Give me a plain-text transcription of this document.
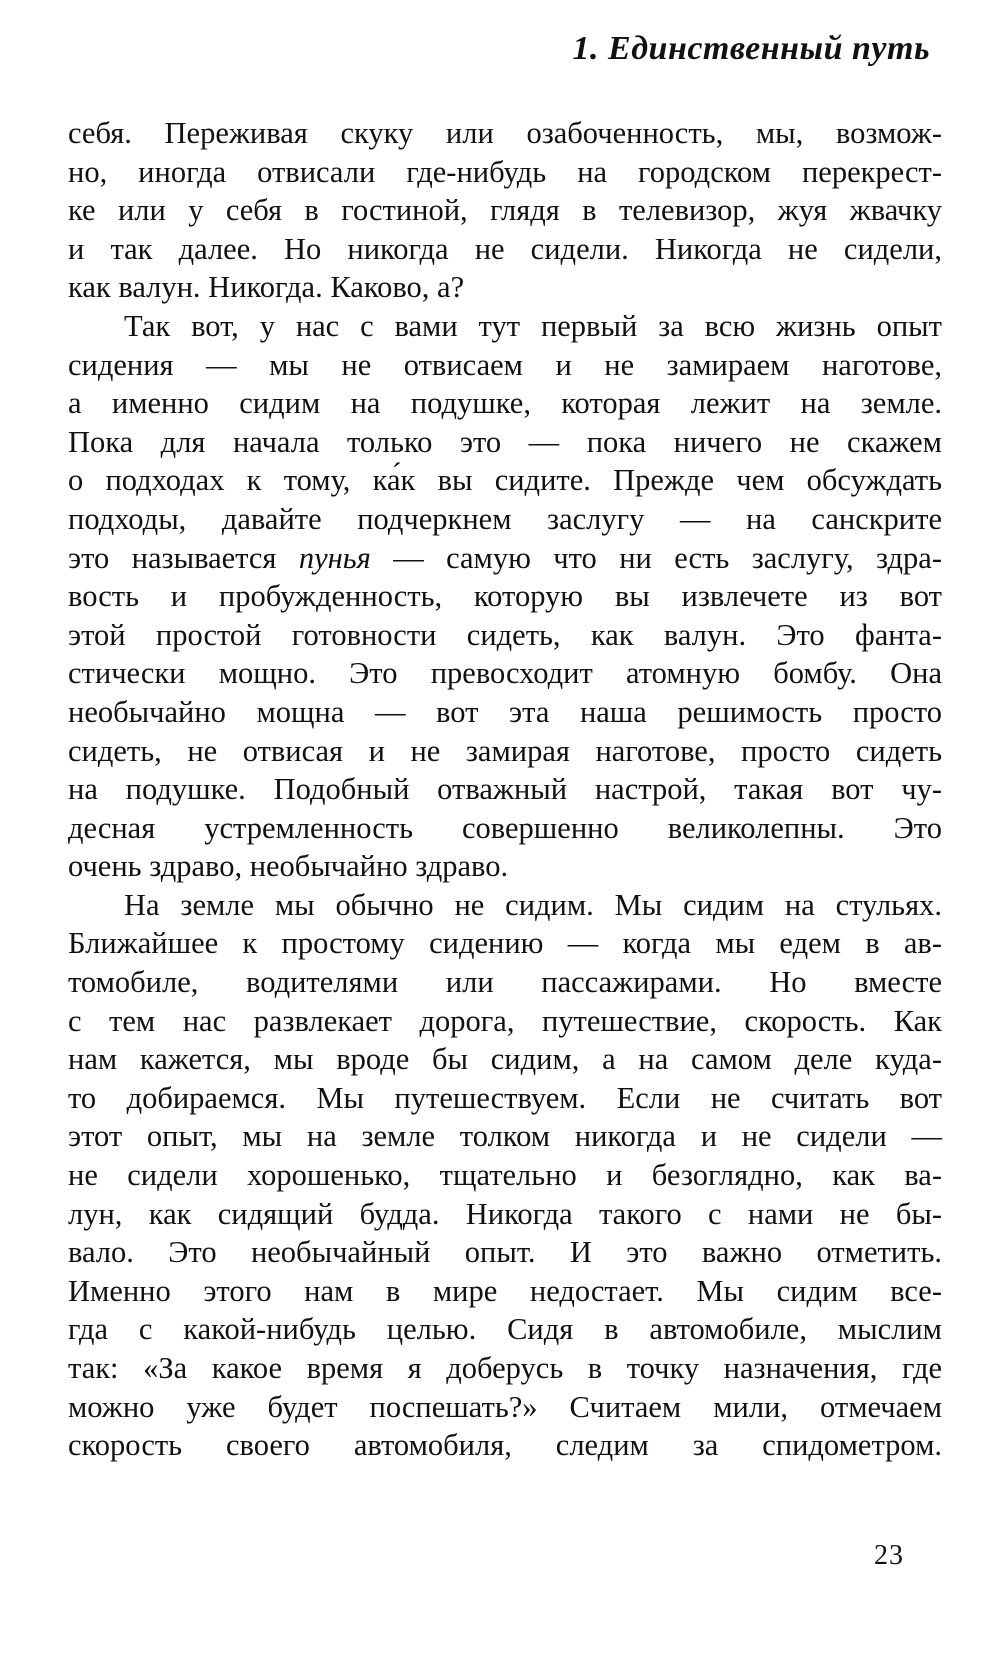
1. Единственный путь
себя. Переживая скуку или озабоченность, мы, возмож-
но, иногда отвисали где-нибудь на городском перекрест-
ке или у себя в гостиной, глядя в телевизор, жуя жвачку
и так далее. Но никогда не сидели. Никогда не сидели,
как валун. Никогда. Каково, а?
Так вот, у нас с вами тут первый за всю жизнь опыт
сидения — мы не отвисаем и не замираем наготове,
а именно сидим на подушке, которая лежит на земле.
Пока для начала только это — пока ничего не скажем
о подходах к тому, ка́к вы сидите. Прежде чем обсуждать
подходы, давайте подчеркнем заслугу — на санскрите
это называется пунья — самую что ни есть заслугу, здра-
вость и пробужденность, которую вы извлечете из вот
этой простой готовности сидеть, как валун. Это фанта-
стически мощно. Это превосходит атомную бомбу. Она
необычайно мощна — вот эта наша решимость просто
сидеть, не отвисая и не замирая наготове, просто сидеть
на подушке. Подобный отважный настрой, такая вот чу-
десная устремленность совершенно великолепны. Это
очень здраво, необычайно здраво.
На земле мы обычно не сидим. Мы сидим на стульях.
Ближайшее к простому сидению — когда мы едем в ав-
томобиле, водителями или пассажирами. Но вместе
с тем нас развлекает дорога, путешествие, скорость. Как
нам кажется, мы вроде бы сидим, а на самом деле куда-
то добираемся. Мы путешествуем. Если не считать вот
этот опыт, мы на земле толком никогда и не сидели —
не сидели хорошенько, тщательно и безоглядно, как ва-
лун, как сидящий будда. Никогда такого с нами не бы-
вало. Это необычайный опыт. И это важно отметить.
Именно этого нам в мире недостает. Мы сидим все-
гда с какой-нибудь целью. Сидя в автомобиле, мыслим
так: «За какое время я доберусь в точку назначения, где
можно уже будет поспешать?» Считаем мили, отмечаем
скорость своего автомобиля, следим за спидометром.
23
